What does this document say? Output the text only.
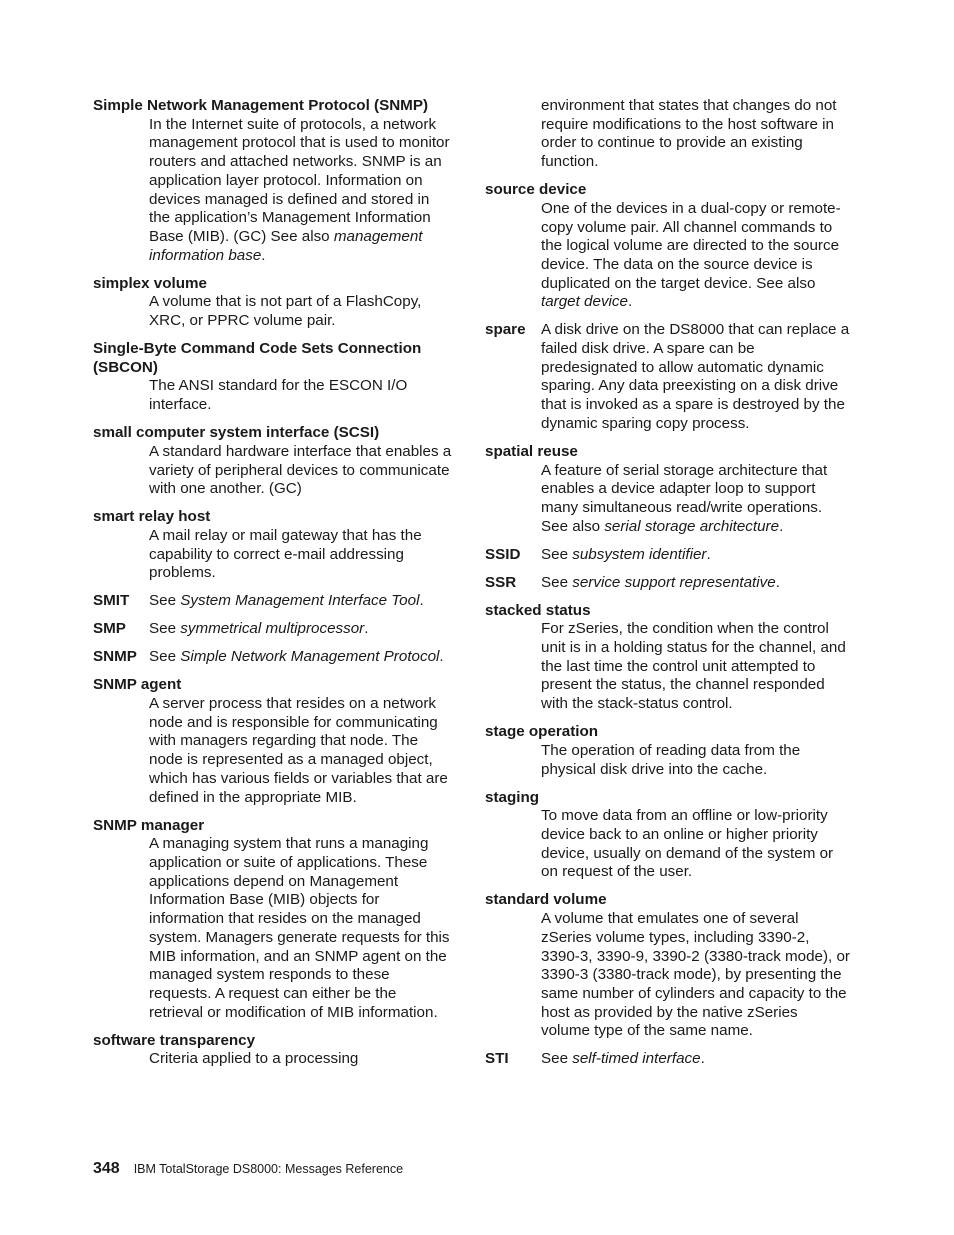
Simple Network Management Protocol (SNMP)
In the Internet suite of protocols, a network management protocol that is used to monitor routers and attached networks. SNMP is an application layer protocol. Information on devices managed is defined and stored in the application’s Management Information Base (MIB). (GC) See also management information base.
simplex volume
A volume that is not part of a FlashCopy, XRC, or PPRC volume pair.
Single-Byte Command Code Sets Connection (SBCON)
The ANSI standard for the ESCON I/O interface.
small computer system interface (SCSI)
A standard hardware interface that enables a variety of peripheral devices to communicate with one another. (GC)
smart relay host
A mail relay or mail gateway that has the capability to correct e-mail addressing problems.
SMIT See System Management Interface Tool.
SMP See symmetrical multiprocessor.
SNMP See Simple Network Management Protocol.
SNMP agent
A server process that resides on a network node and is responsible for communicating with managers regarding that node. The node is represented as a managed object, which has various fields or variables that are defined in the appropriate MIB.
SNMP manager
A managing system that runs a managing application or suite of applications. These applications depend on Management Information Base (MIB) objects for information that resides on the managed system. Managers generate requests for this MIB information, and an SNMP agent on the managed system responds to these requests. A request can either be the retrieval or modification of MIB information.
software transparency
Criteria applied to a processing
environment that states that changes do not require modifications to the host software in order to continue to provide an existing function.
source device
One of the devices in a dual-copy or remote-copy volume pair. All channel commands to the logical volume are directed to the source device. The data on the source device is duplicated on the target device. See also target device.
spare A disk drive on the DS8000 that can replace a failed disk drive. A spare can be predesignated to allow automatic dynamic sparing. Any data preexisting on a disk drive that is invoked as a spare is destroyed by the dynamic sparing copy process.
spatial reuse
A feature of serial storage architecture that enables a device adapter loop to support many simultaneous read/write operations. See also serial storage architecture.
SSID See subsystem identifier.
SSR See service support representative.
stacked status
For zSeries, the condition when the control unit is in a holding status for the channel, and the last time the control unit attempted to present the status, the channel responded with the stack-status control.
stage operation
The operation of reading data from the physical disk drive into the cache.
staging
To move data from an offline or low-priority device back to an online or higher priority device, usually on demand of the system or on request of the user.
standard volume
A volume that emulates one of several zSeries volume types, including 3390-2, 3390-3, 3390-9, 3390-2 (3380-track mode), or 3390-3 (3380-track mode), by presenting the same number of cylinders and capacity to the host as provided by the native zSeries volume type of the same name.
STI See self-timed interface.
348 IBM TotalStorage DS8000: Messages Reference
